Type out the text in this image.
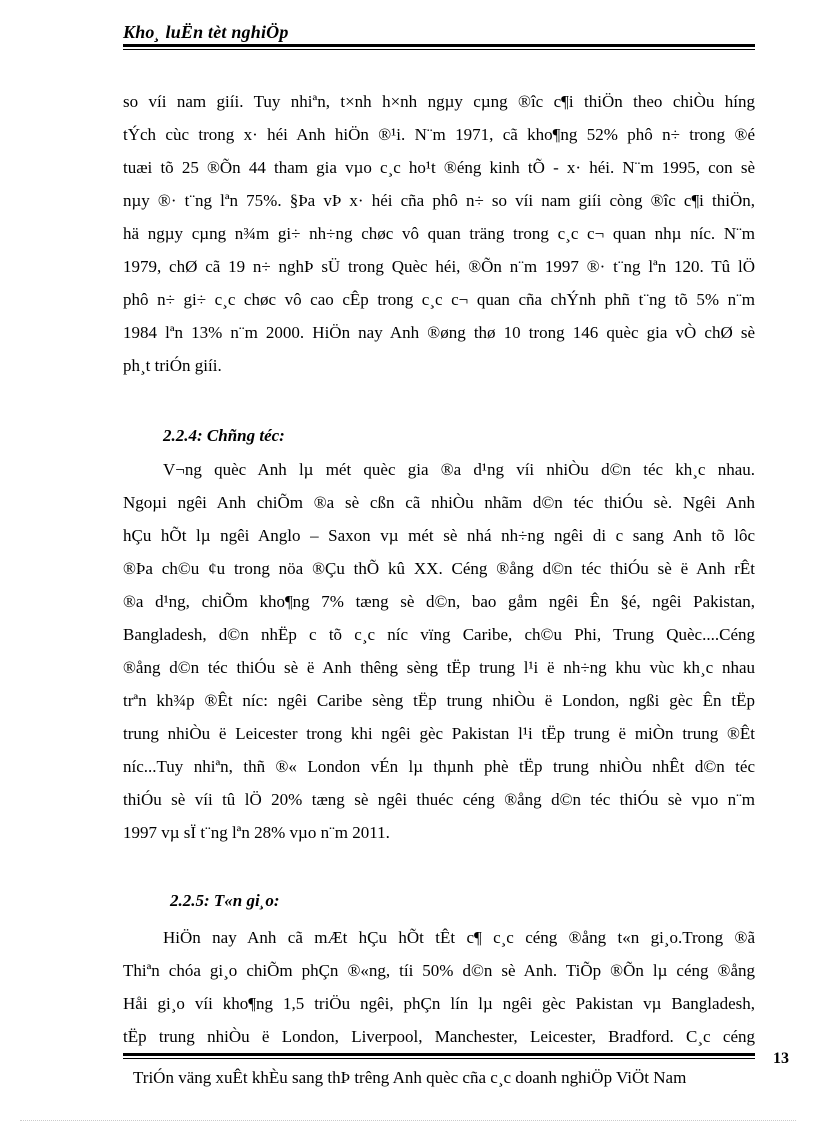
Kho¸ luËn tèt nghiÖp
so víi nam giíi. Tuy nhiªn, t×nh h×nh ngµy cµng ®îc c¶i thiÖn theo chiÒu híng
tÝch cùc trong x· héi Anh hiÖn ®¹i. N¨m 1971, cã kho¶ng 52% phô n÷ trong ®é
tuæi tõ 25 ®Õn 44 tham gia vµo c¸c ho¹t ®éng kinh tÕ - x· héi. N¨m 1995, con sè
nµy ®· t¨ng lªn 75%. §Þa vÞ x· héi cña phô n÷ so víi nam giíi còng ®îc c¶i thiÖn,
hä ngµy cµng n¾m gi÷ nh÷ng chøc vô quan träng trong c¸c c¬ quan nhµ níc. N¨m
1979, chØ cã 19 n÷ nghÞ sÜ trong Quèc héi, ®Õn n¨m 1997 ®· t¨ng lªn 120. Tû lÖ
phô n÷ gi÷ c¸c chøc vô cao cÊp trong c¸c c¬ quan cña chÝnh phñ t¨ng tõ 5% n¨m
1984 lªn 13% n¨m 2000. HiÖn nay Anh ®øng thø 10 trong 146 quèc gia vÒ chØ sè
ph¸t triÓn giíi.
2.2.4: Chñng téc:
V¬ng quèc Anh lµ mét quèc gia ®a d¹ng víi nhiÒu d©n téc kh¸c nhau.
Ngoµi ngêi Anh chiÕm ®a sè cßn cã nhiÒu nhãm d©n téc thiÓu sè. Ngêi Anh
hÇu hÕt lµ ngêi Anglo – Saxon vµ mét sè nhá nh÷ng ngêi di c sang Anh tõ lôc
®Þa ch©u ¢u trong nöa ®Çu thÕ kû XX. Céng ®ång d©n téc thiÓu sè ë Anh rÊt
®a d¹ng, chiÕm kho¶ng 7% tæng sè d©n, bao gåm ngêi Ên §é, ngêi Pakistan,
Bangladesh, d©n nhËp c tõ c¸c níc vïng Caribe, ch©u Phi, Trung Quèc....Céng
®ång d©n téc thiÓu sè ë Anh thêng sèng tËp trung l¹i ë nh÷ng khu vùc kh¸c nhau
trªn kh¾p ®Êt níc: ngêi Caribe sèng tËp trung nhiÒu ë London, ngßi gèc Ên tËp
trung nhiÒu ë Leicester trong khi ngêi gèc Pakistan l¹i tËp trung ë miÒn trung ®Êt
níc...Tuy nhiªn, thñ ®« London vÉn lµ thµnh phè tËp trung nhiÒu nhÊt d©n téc
thiÓu sè víi tû lÖ 20% tæng sè ngêi thuéc céng ®ång d©n téc thiÓu sè vµo n¨m
1997 vµ sÏ t¨ng lªn 28% vµo n¨m 2011.
2.2.5: T«n gi¸o:
HiÖn nay Anh cã mÆt hÇu hÕt tÊt c¶ c¸c céng ®ång t«n gi¸o.Trong ®ã
Thiªn chóa gi¸o chiÕm phÇn ®«ng, tíi 50% d©n sè Anh. TiÕp ®Õn lµ céng ®ång
Håi gi¸o víi kho¶ng 1,5 triÖu ngêi, phÇn lín lµ ngêi gèc Pakistan vµ Bangladesh,
tËp trung nhiÒu ë London, Liverpool, Manchester, Leicester, Bradford. C¸c céng
13
TriÓn väng xuÊt khÈu sang thÞ trêng Anh quèc cña c¸c doanh nghiÖp ViÖt Nam
